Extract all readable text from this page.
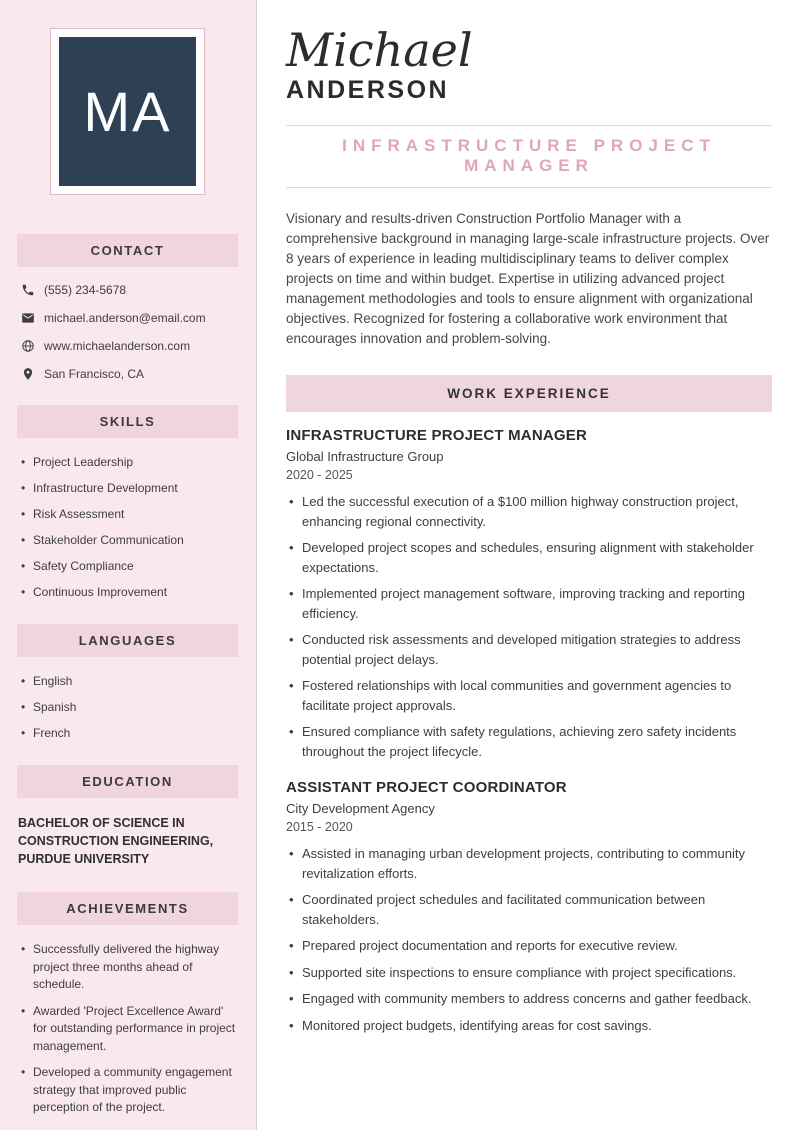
MA
CONTACT
(555) 234-5678
michael.anderson@email.com
www.michaelanderson.com
San Francisco, CA
SKILLS
• Project Leadership
• Infrastructure Development
• Risk Assessment
• Stakeholder Communication
• Safety Compliance
• Continuous Improvement
LANGUAGES
• English
• Spanish
• French
EDUCATION
BACHELOR OF SCIENCE IN CONSTRUCTION ENGINEERING, PURDUE UNIVERSITY
ACHIEVEMENTS
• Successfully delivered the highway project three months ahead of schedule.
• Awarded 'Project Excellence Award' for outstanding performance in project management.
• Developed a community engagement strategy that improved public perception of the project.
Michael
ANDERSON
INFRASTRUCTURE PROJECT MANAGER

Visionary and results-driven Construction Portfolio Manager with a comprehensive background in managing large-scale infrastructure projects. Over 8 years of experience in leading multidisciplinary teams to deliver complex projects on time and within budget. Expertise in utilizing advanced project management methodologies and tools to ensure alignment with organizational objectives. Recognized for fostering a collaborative work environment that encourages innovation and problem-solving.

WORK EXPERIENCE
INFRASTRUCTURE PROJECT MANAGER
Global Infrastructure Group
2020 - 2025
• Led the successful execution of a $100 million highway construction project, enhancing regional connectivity.
• Developed project scopes and schedules, ensuring alignment with stakeholder expectations.
• Implemented project management software, improving tracking and reporting efficiency.
• Conducted risk assessments and developed mitigation strategies to address potential project delays.
• Fostered relationships with local communities and government agencies to facilitate project approvals.
• Ensured compliance with safety regulations, achieving zero safety incidents throughout the project lifecycle.
ASSISTANT PROJECT COORDINATOR
City Development Agency
2015 - 2020
• Assisted in managing urban development projects, contributing to community revitalization efforts.
• Coordinated project schedules and facilitated communication between stakeholders.
• Prepared project documentation and reports for executive review.
• Supported site inspections to ensure compliance with project specifications.
• Engaged with community members to address concerns and gather feedback.
• Monitored project budgets, identifying areas for cost savings.
